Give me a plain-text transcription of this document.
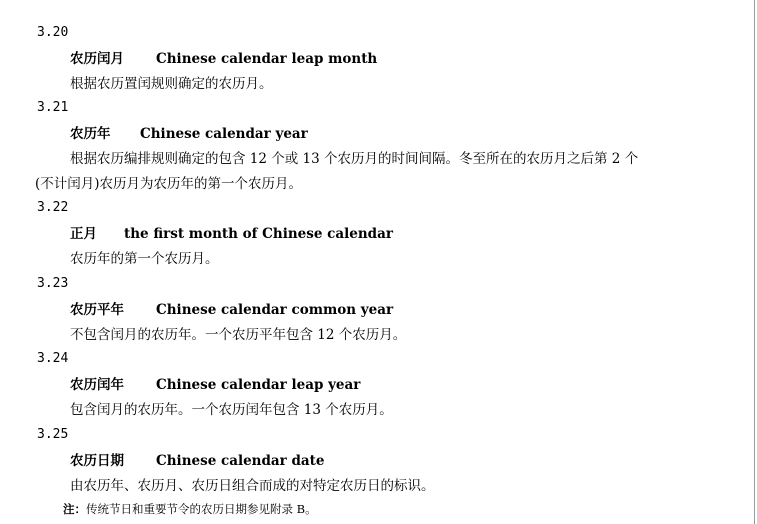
3.20
农历闰月 Chinese calendar leap month
根据农历置闰规则确定的农历月。
3.21
农历年 Chinese calendar year
根据农历编排规则确定的包含 12 个或 13 个农历月的时间间隔。冬至所在的农历月之后第 2 个
(不计闰月)农历月为农历年的第一个农历月。
3.22
正月 the first month of Chinese calendar
农历年的第一个农历月。
3.23
农历平年 Chinese calendar common year
不包含闰月的农历年。一个农历平年包含 12 个农历月。
3.24
农历闰年 Chinese calendar leap year
包含闰月的农历年。一个农历闰年包含 13 个农历月。
3.25
农历日期 Chinese calendar date
由农历年、农历月、农历日组合而成的对特定农历日的标识。
注：传统节日和重要节令的农历日期参见附录 B。
